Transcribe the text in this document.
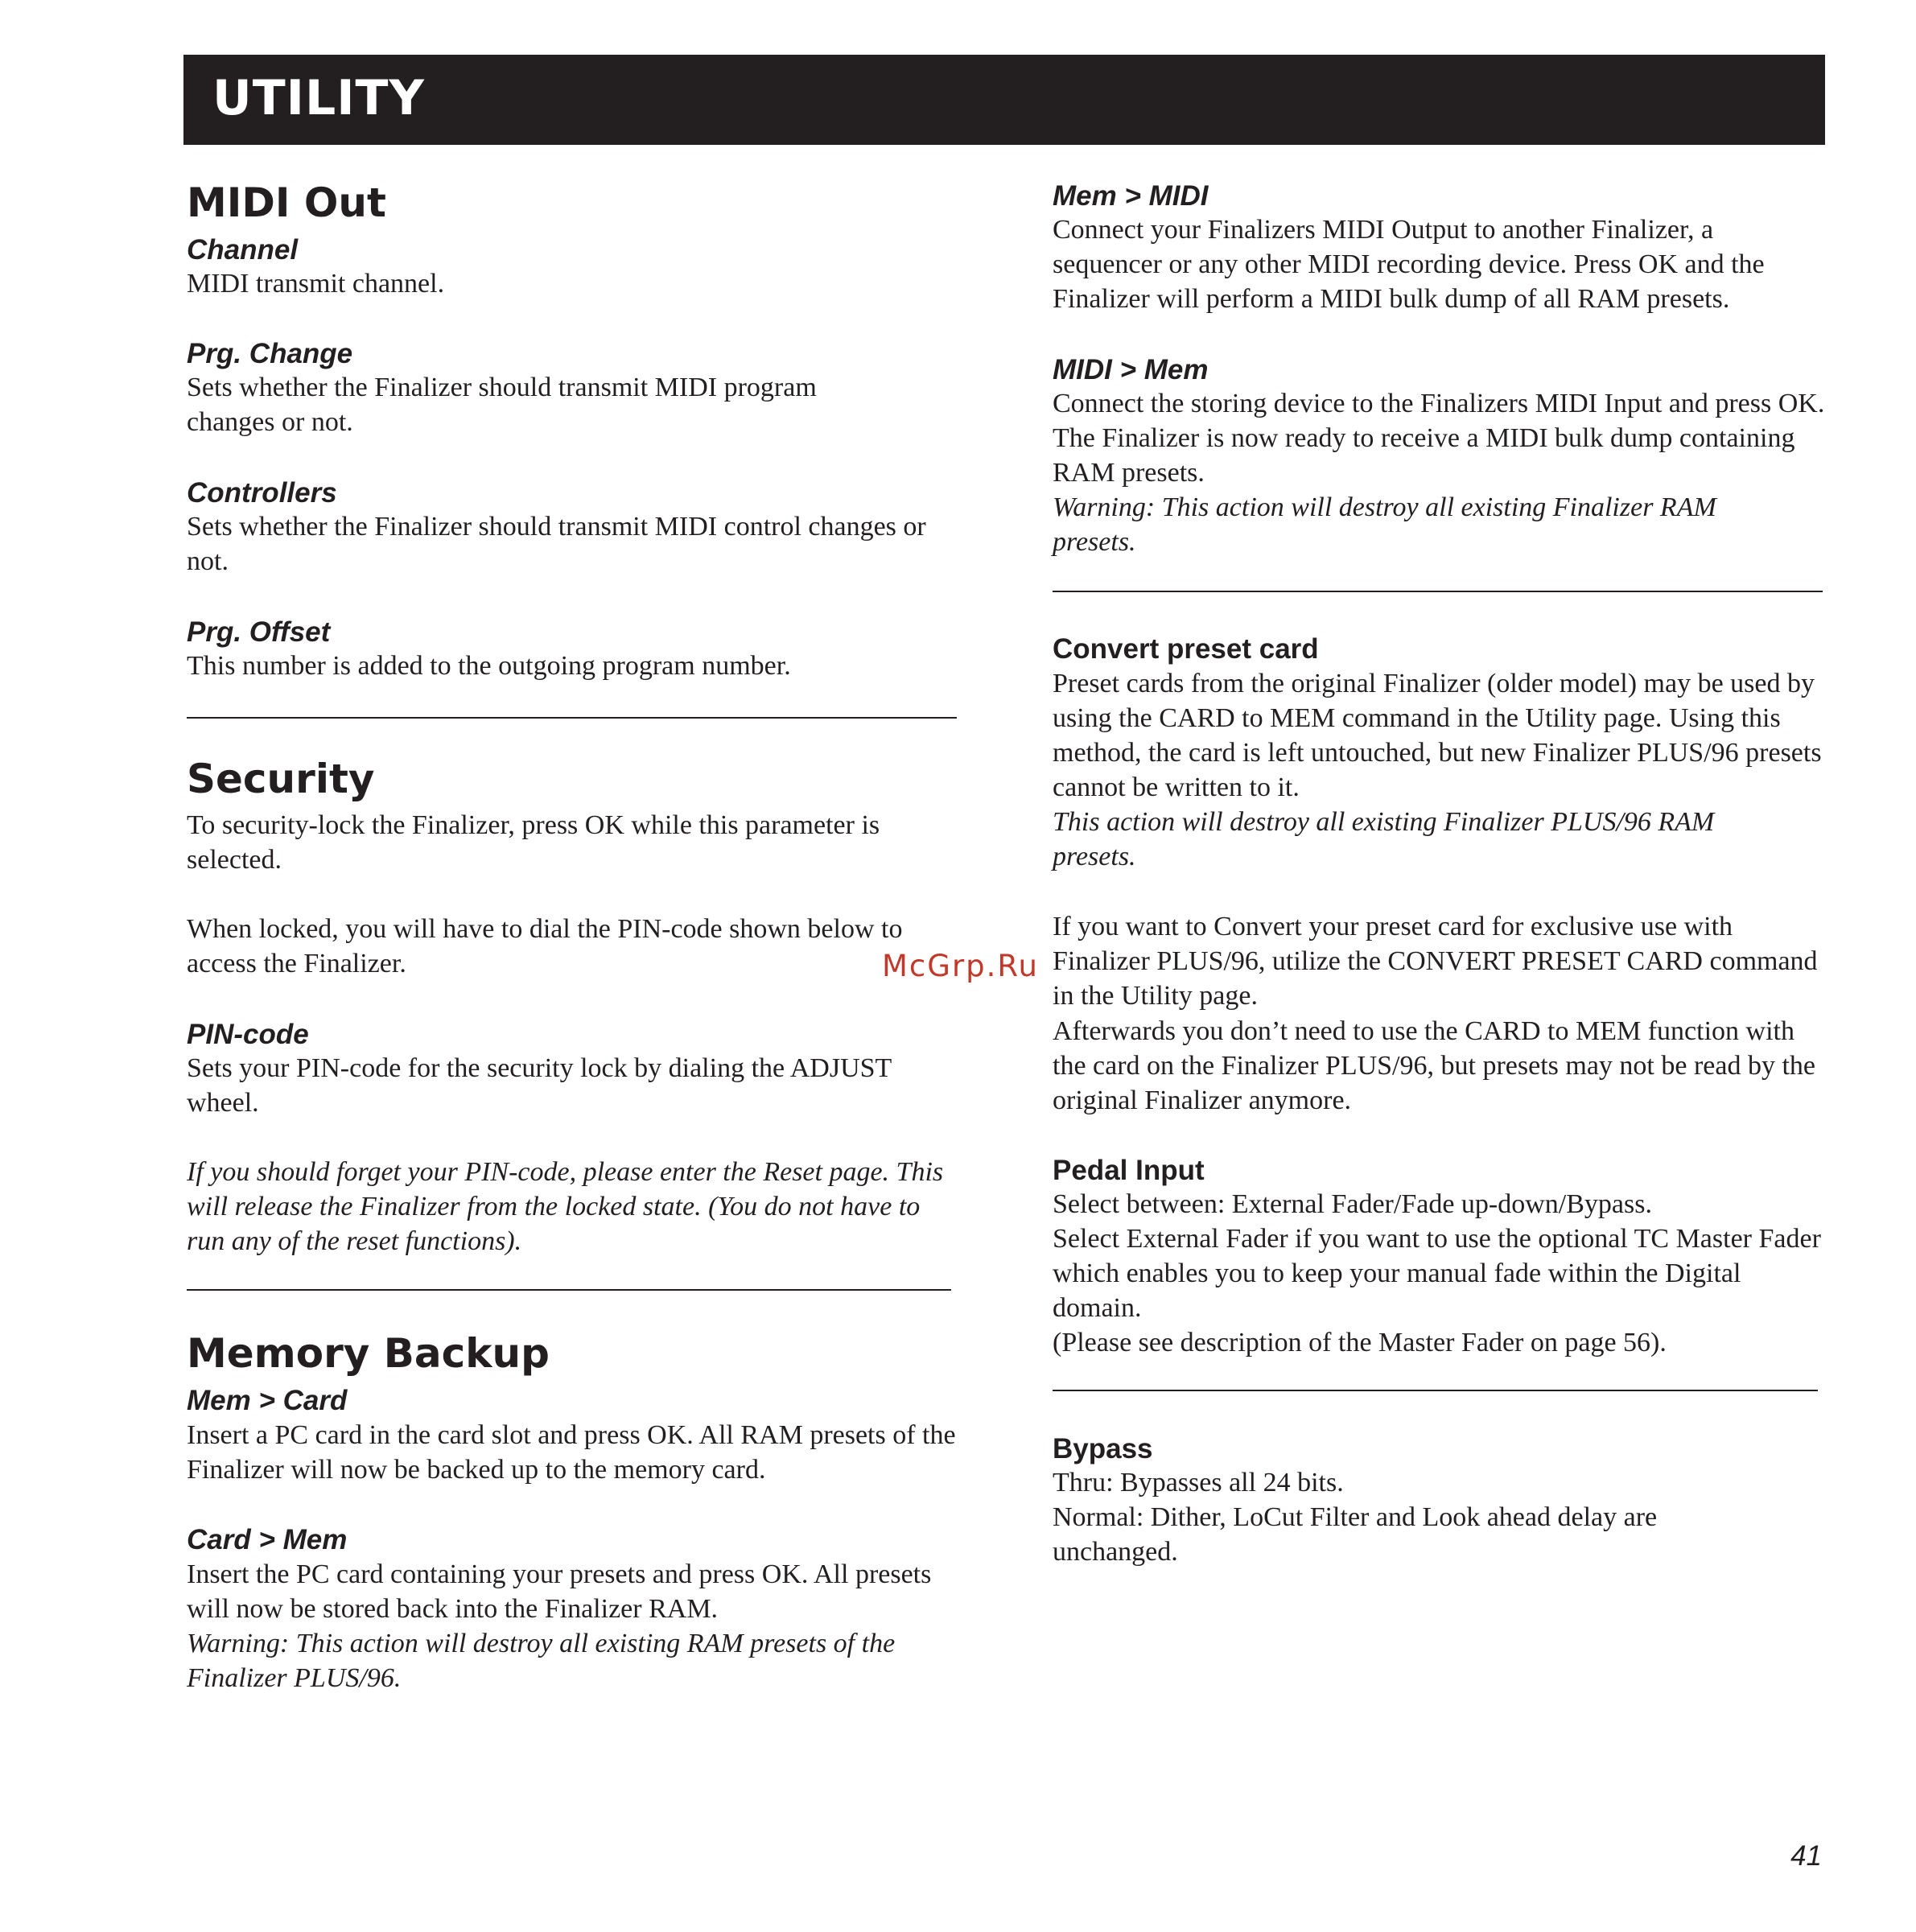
UTILITY
MIDI Out
Channel

MIDI transmit channel.

Prg. Change

Sets whether the Finalizer should transmit MIDI program changes or not.

Controllers

Sets whether the Finalizer should transmit MIDI control changes or not.

Prg. Offset

This number is added to the outgoing program number.

Security

To security-lock the Finalizer, press OK while this parameter is selected.

When locked, you will have to dial the PIN-code shown below to access the Finalizer.

PIN-code

Sets your PIN-code for the security lock by dialing the ADJUST wheel.

If you should forget your PIN-code, please enter the Reset page. This will release the Finalizer from the locked state. (You do not have to run any of the reset functions).

Memory Backup
Mem > Card

Insert a PC card in the card slot and press OK. All RAM presets of the Finalizer will now be backed up to the memory card.

Card > Mem

Insert the PC card containing your presets and press OK. All presets will now be stored back into the Finalizer RAM.

Warning: This action will destroy all existing RAM presets of the Finalizer PLUS/96.

Mem > MIDI

Connect your Finalizers MIDI Output to another Finalizer, a sequencer or any other MIDI recording device. Press OK and the Finalizer will perform a MIDI bulk dump of all RAM presets.

MIDI > Mem

Connect the storing device to the Finalizers MIDI Input and press OK. The Finalizer is now ready to receive a MIDI bulk dump containing RAM presets.

Warning: This action will destroy all existing Finalizer RAM presets.

Convert preset card

Preset cards from the original Finalizer (older model) may be used by using the CARD to MEM command in the Utility page. Using this method, the card is left untouched, but new Finalizer PLUS/96 presets cannot be written to it.

This action will destroy all existing Finalizer PLUS/96 RAM presets.

If you want to Convert your preset card for exclusive use with Finalizer PLUS/96, utilize the CONVERT PRESET CARD command in the Utility page.

Afterwards you don’t need to use the CARD to MEM function with the card on the Finalizer PLUS/96, but presets may not be read by the original Finalizer anymore.

Pedal Input

Select between: External Fader/Fade up-down/Bypass.

Select External Fader if you want to use the optional TC Master Fader which enables you to keep your manual fade within the Digital domain.

(Please see description of the Master Fader on page 56).

Bypass

Thru: Bypasses all 24 bits.

Normal: Dither, LoCut Filter and Look ahead delay are unchanged.

McGrp.Ru

41
